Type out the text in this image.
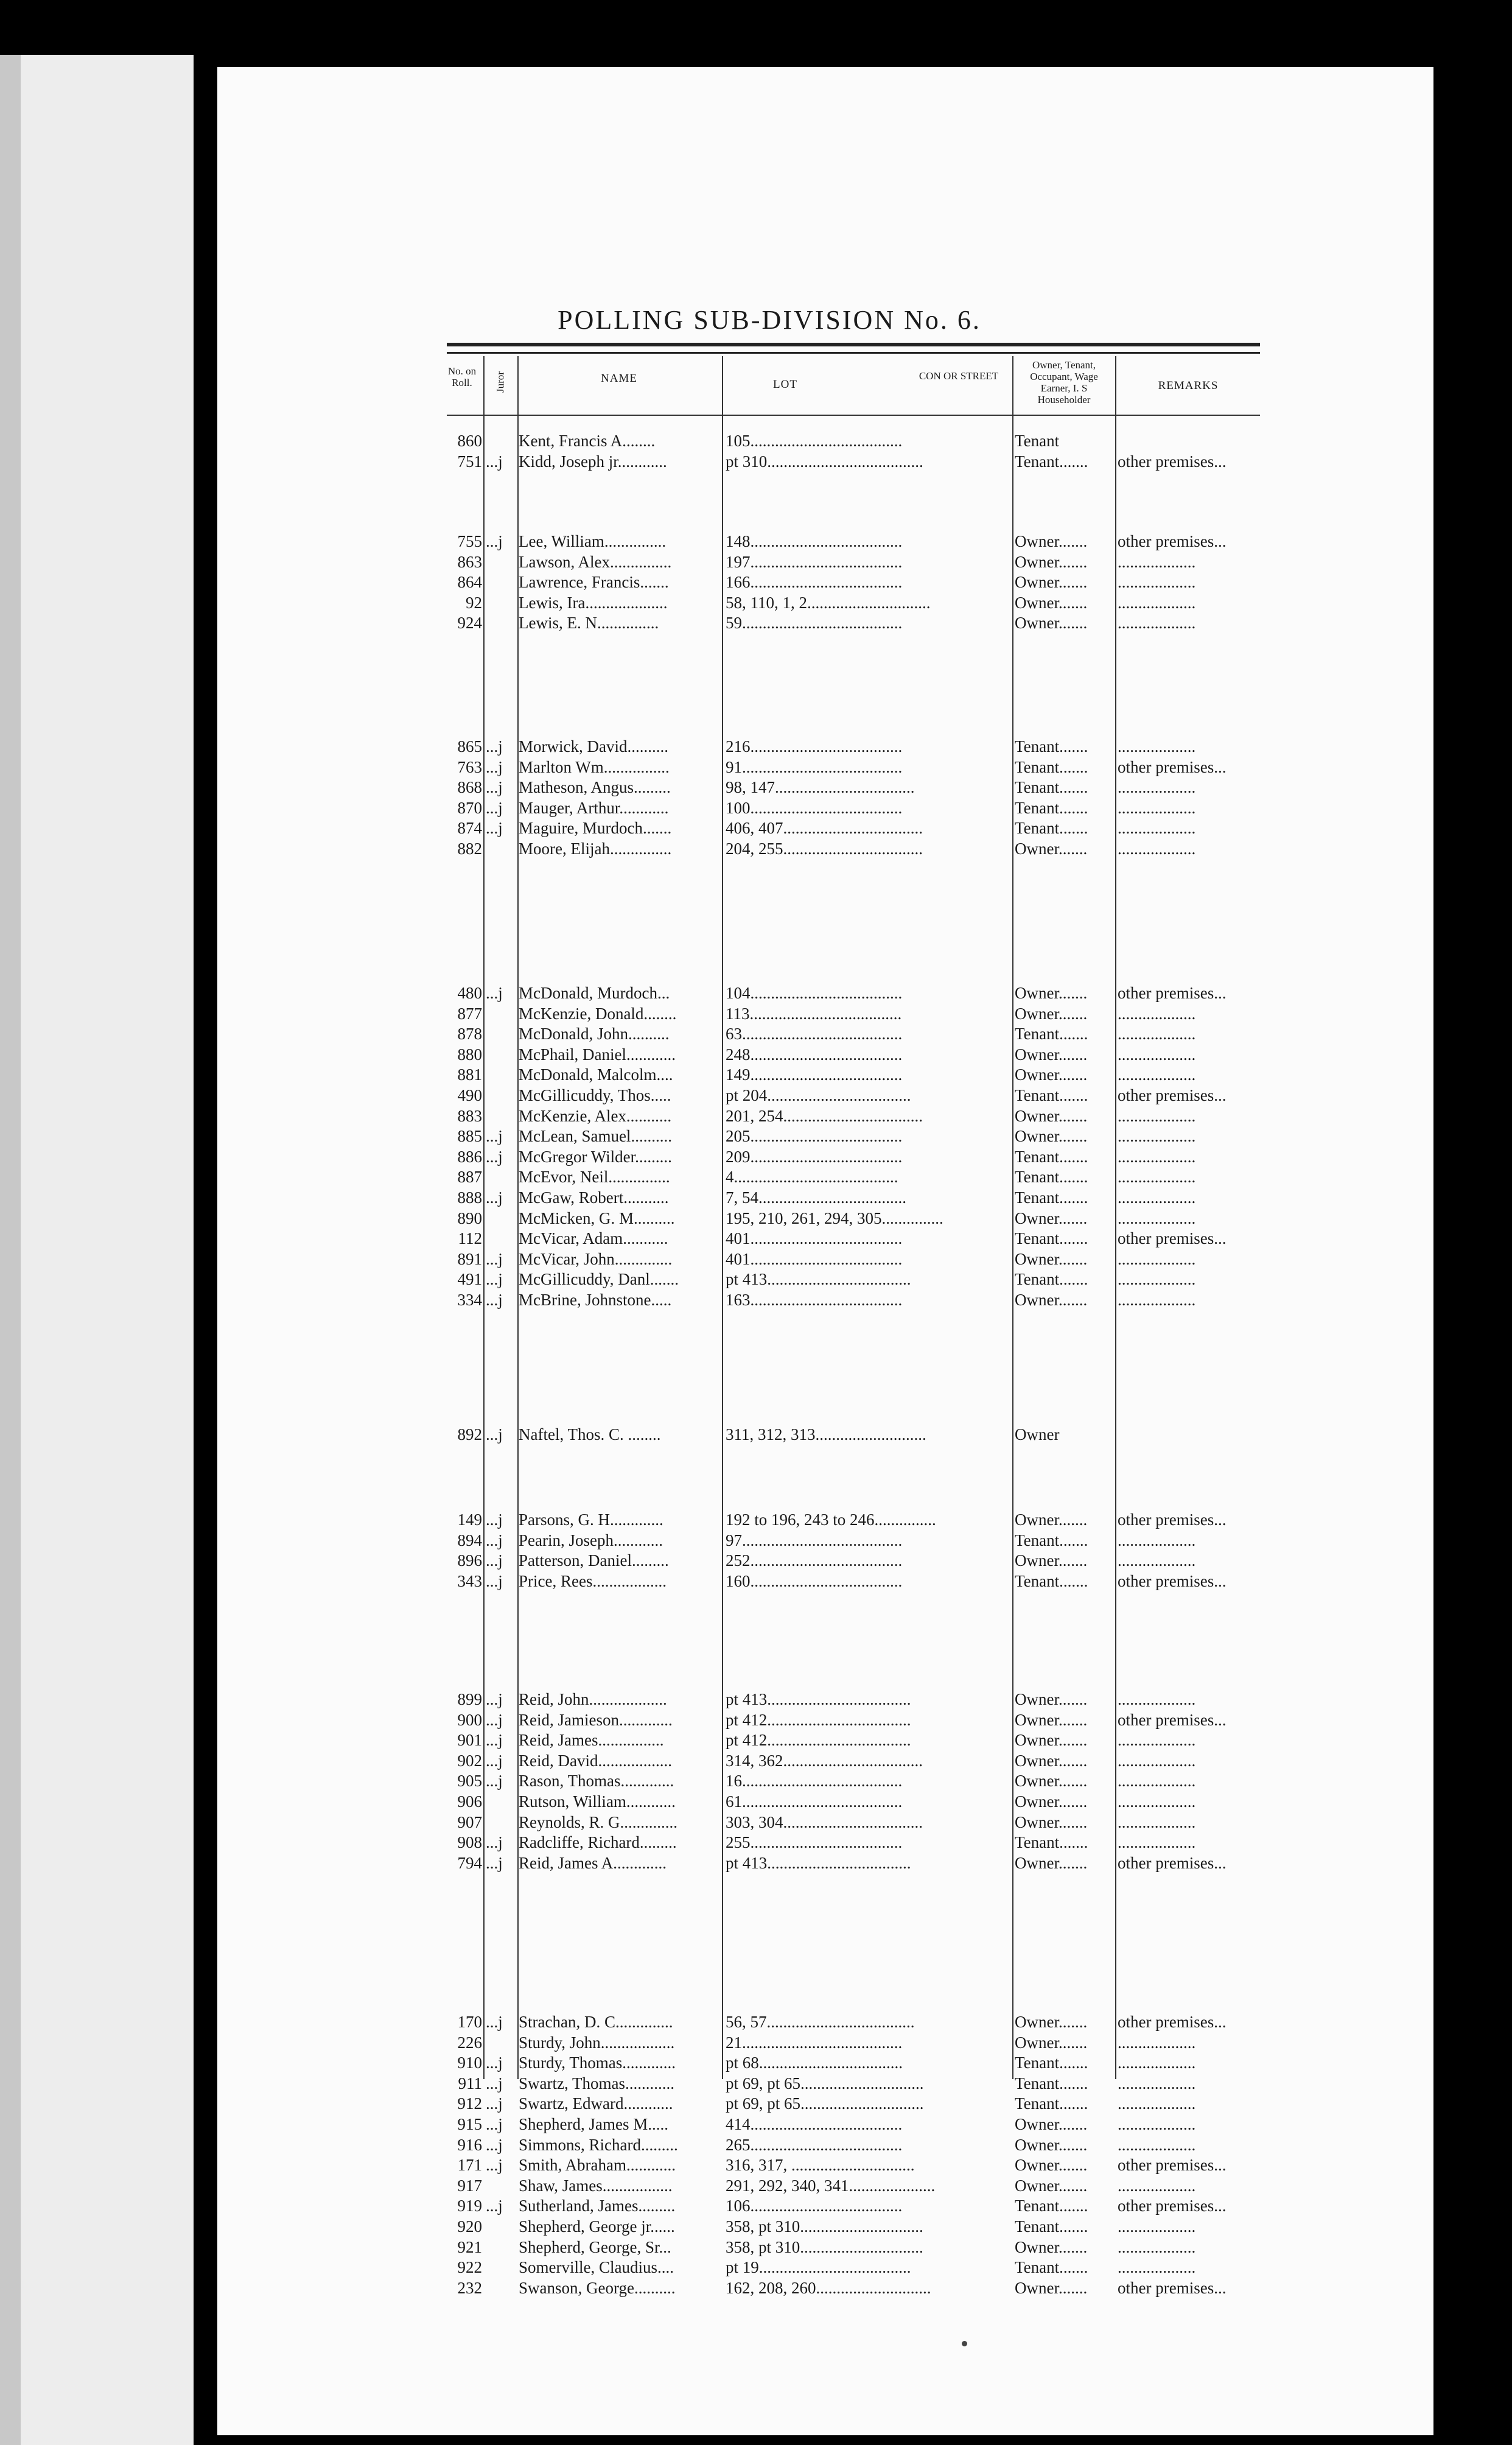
POLLING SUB-DIVISION No. 6.
No. on Roll.	Juror	NAME	LOT
CON OR STREET
Owner, Tenant, Occupant, Wage Earner, I. S Householder
REMARKS
860 Kent, Francis A........	105.....................................	Tenant
751 ...j Kidd, Joseph jr............	pt 310......................................	Tenant.......	other premises...
755 ...j Lee, William...............	148.....................................	Owner.......	other premises...
863 Lawson, Alex...............	197.....................................	Owner.......	...................
864 Lawrence, Francis.......	166.....................................	Owner.......	...................
92 Lewis, Ira....................	58, 110, 1, 2..............................	Owner.......	...................
924 Lewis, E. N...............	59.......................................	Owner.......	...................
865 ...j Morwick, David..........	216.....................................	Tenant.......	...................
763 ...j Marlton Wm................	91.......................................	Tenant.......	other premises...
868 ...j Matheson, Angus.........	98, 147..................................	Tenant.......	...................
870 ...j Mauger, Arthur............	100.....................................	Tenant.......	...................
874 ...j Maguire, Murdoch.......	406, 407..................................	Tenant.......	...................
882 Moore, Elijah...............	204, 255..................................	Owner.......	...................
480 ...j McDonald, Murdoch...	104.....................................	Owner.......	other premises...
877 McKenzie, Donald........	113.....................................	Owner.......	...................
878 McDonald, John..........	63.......................................	Tenant.......	...................
880 McPhail, Daniel............	248.....................................	Owner.......	...................
881 McDonald, Malcolm....	149.....................................	Owner.......	...................
490 McGillicuddy, Thos.....	pt 204...................................	Tenant.......	other premises...
883 McKenzie, Alex...........	201, 254..................................	Owner.......	...................
885 ...j McLean, Samuel..........	205.....................................	Owner.......	...................
886 ...j McGregor Wilder.........	209.....................................	Tenant.......	...................
887 McEvor, Neil...............	4........................................	Tenant.......	...................
888 ...j McGaw, Robert...........	7, 54....................................	Tenant.......	...................
890 McMicken, G. M..........	195, 210, 261, 294, 305...............	Owner.......	...................
112 McVicar, Adam...........	401.....................................	Tenant.......	other premises...
891 ...j McVicar, John..............	401.....................................	Owner.......	...................
491 ...j McGillicuddy, Danl.......	pt 413...................................	Tenant.......	...................
334 ...j McBrine, Johnstone.....	163.....................................	Owner.......	...................
892 ...j Naftel, Thos. C. ........	311, 312, 313...........................	Owner
149 ...j Parsons, G. H.............	192 to 196, 243 to 246...............	Owner.......	other premises...
894 ...j Pearin, Joseph............	97.......................................	Tenant.......	...................
896 ...j Patterson, Daniel.........	252.....................................	Owner.......	...................
343 ...j Price, Rees..................	160.....................................	Tenant.......	other premises...
899 ...j Reid, John...................	pt 413...................................	Owner.......	...................
900 ...j Reid, Jamieson.............	pt 412...................................	Owner.......	other premises...
901 ...j Reid, James................	pt 412...................................	Owner.......	...................
902 ...j Reid, David..................	314, 362..................................	Owner.......	...................
905 ...j Rason, Thomas.............	16.......................................	Owner.......	...................
906 Rutson, William............	61.......................................	Owner.......	...................
907 Reynolds, R. G..............	303, 304..................................	Owner.......	...................
908 ...j Radcliffe, Richard.........	255.....................................	Tenant.......	...................
794 ...j Reid, James A.............	pt 413...................................	Owner.......	other premises...
170 ...j Strachan, D. C..............	56, 57....................................	Owner.......	other premises...
226 Sturdy, John..................	21.......................................	Owner.......	...................
910 ...j Sturdy, Thomas.............	pt 68...................................	Tenant.......	...................
911 ...j Swartz, Thomas............	pt 69, pt 65..............................	Tenant.......	...................
912 ...j Swartz, Edward............	pt 69, pt 65..............................	Tenant.......	...................
915 ...j Shepherd, James M.....	414.....................................	Owner.......	...................
916 ...j Simmons, Richard.........	265.....................................	Owner.......	...................
171 ...j Smith, Abraham............	316, 317, ..............................	Owner.......	other premises...
917 Shaw, James.................	291, 292, 340, 341.....................	Owner.......	...................
919 ...j Sutherland, James.........	106.....................................	Tenant.......	other premises...
920 Shepherd, George jr......	358, pt 310..............................	Tenant.......	...................
921 Shepherd, George, Sr...	358, pt 310..............................	Owner.......	...................
922 Somerville, Claudius....	pt 19.....................................	Tenant.......	...................
232 Swanson, George..........	162, 208, 260............................	Owner.......	other premises...
